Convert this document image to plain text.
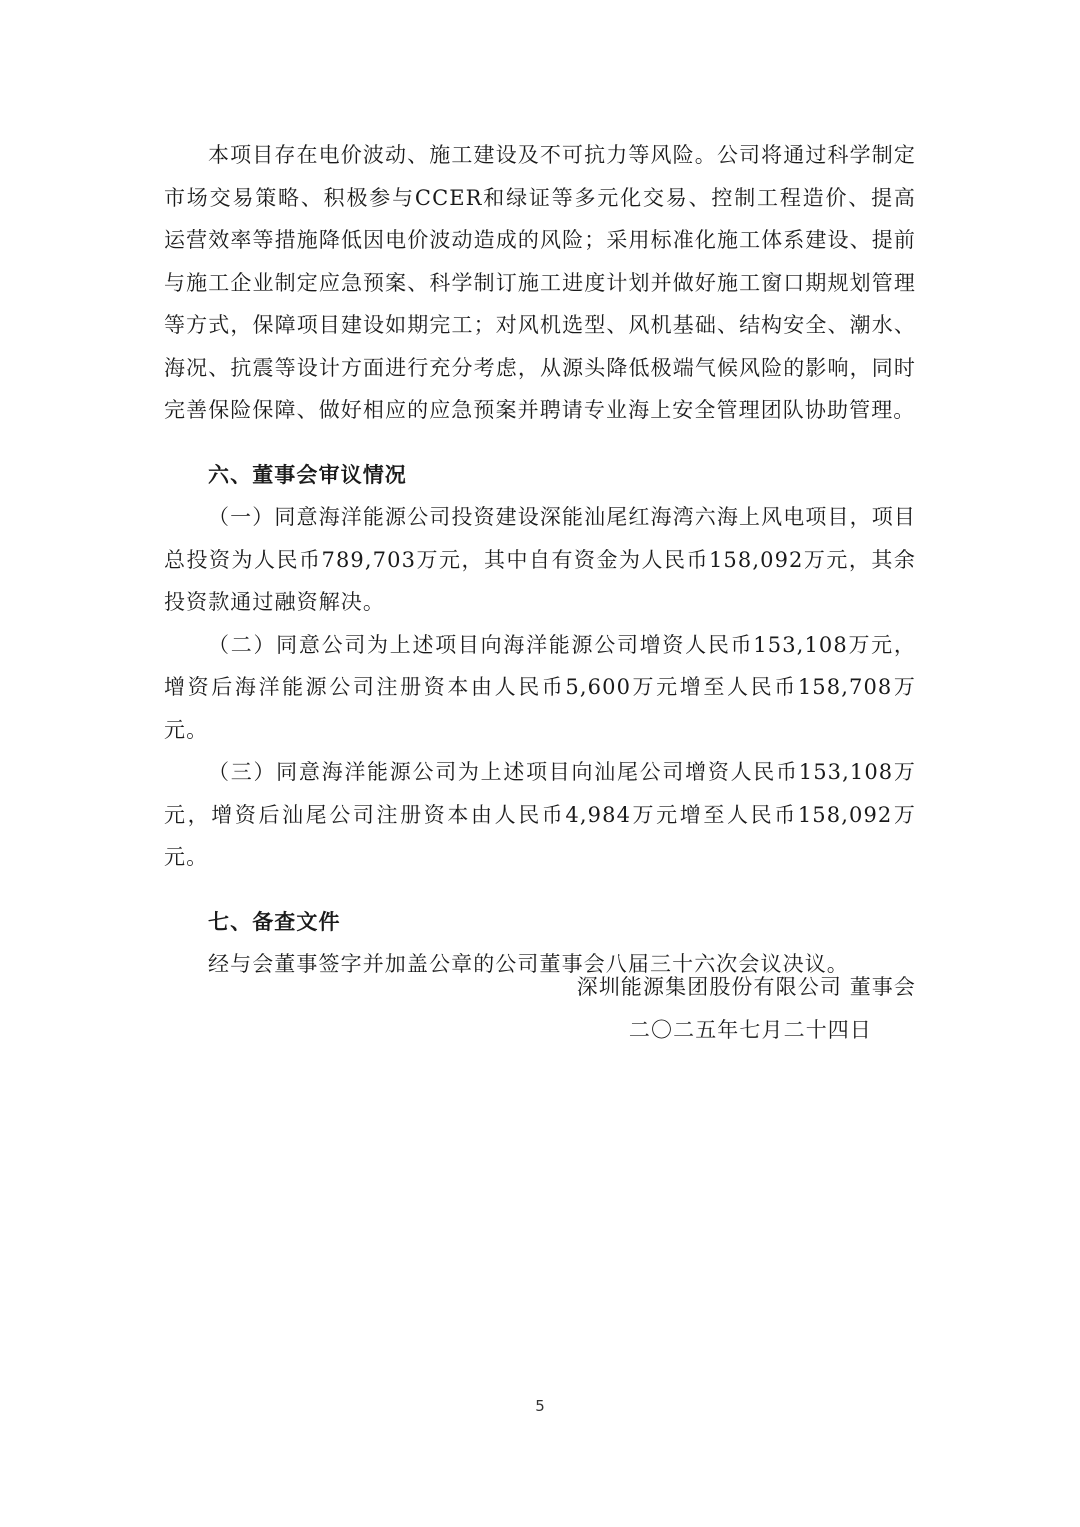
本项目存在电价波动、施工建设及不可抗力等风险。公司将通过科学制定市场交易策略、积极参与CCER和绿证等多元化交易、控制工程造价、提高运营效率等措施降低因电价波动造成的风险；采用标准化施工体系建设、提前与施工企业制定应急预案、科学制订施工进度计划并做好施工窗口期规划管理等方式，保障项目建设如期完工；对风机选型、风机基础、结构安全、潮水、海况、抗震等设计方面进行充分考虑，从源头降低极端气候风险的影响，同时完善保险保障、做好相应的应急预案并聘请专业海上安全管理团队协助管理。

六、董事会审议情况

（一）同意海洋能源公司投资建设深能汕尾红海湾六海上风电项目，项目总投资为人民币789,703万元，其中自有资金为人民币158,092万元，其余投资款通过融资解决。

（二）同意公司为上述项目向海洋能源公司增资人民币153,108万元，增资后海洋能源公司注册资本由人民币5,600万元增至人民币158,708万元。

（三）同意海洋能源公司为上述项目向汕尾公司增资人民币153,108万元，增资后汕尾公司注册资本由人民币4,984万元增至人民币158,092万元。

七、备查文件

经与会董事签字并加盖公章的公司董事会八届三十六次会议决议。

深圳能源集团股份有限公司 董事会
二〇二五年七月二十四日
5
